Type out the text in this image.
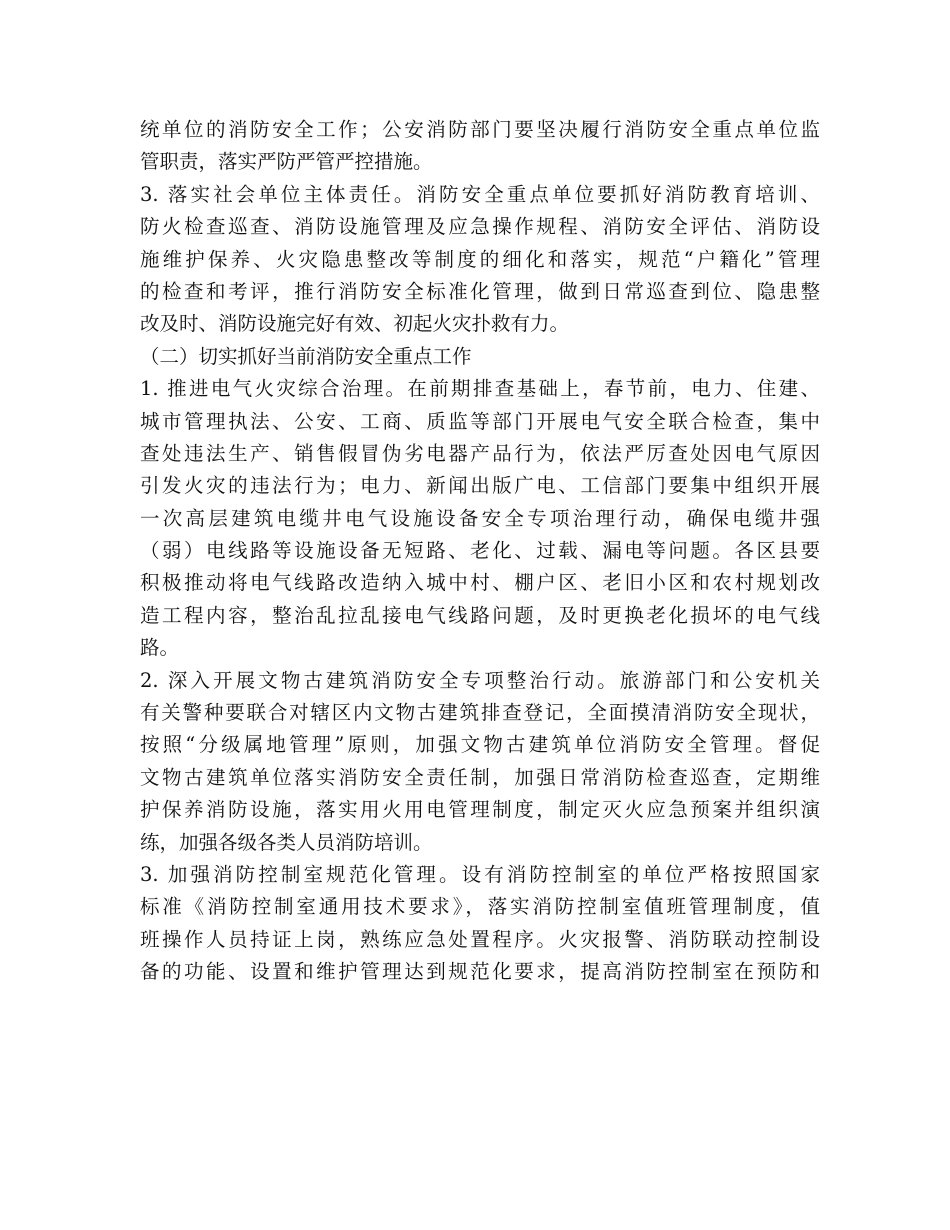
统单位的消防安全工作；公安消防部门要坚决履行消防安全重点单位监
管职责，落实严防严管严控措施。
3. 落实社会单位主体责任。消防安全重点单位要抓好消防教育培训、
防火检查巡查、消防设施管理及应急操作规程、消防安全评估、消防设
施维护保养、火灾隐患整改等制度的细化和落实，规范“户籍化”管理
的检查和考评，推行消防安全标准化管理，做到日常巡查到位、隐患整
改及时、消防设施完好有效、初起火灾扑救有力。
（二）切实抓好当前消防安全重点工作
1. 推进电气火灾综合治理。在前期排查基础上，春节前，电力、住建、
城市管理执法、公安、工商、质监等部门开展电气安全联合检查，集中
查处违法生产、销售假冒伪劣电器产品行为，依法严厉查处因电气原因
引发火灾的违法行为；电力、新闻出版广电、工信部门要集中组织开展
一次高层建筑电缆井电气设施设备安全专项治理行动，确保电缆井强
（弱）电线路等设施设备无短路、老化、过载、漏电等问题。各区县要
积极推动将电气线路改造纳入城中村、棚户区、老旧小区和农村规划改
造工程内容，整治乱拉乱接电气线路问题，及时更换老化损坏的电气线
路。
2. 深入开展文物古建筑消防安全专项整治行动。旅游部门和公安机关
有关警种要联合对辖区内文物古建筑排查登记，全面摸清消防安全现状，
按照“分级属地管理”原则，加强文物古建筑单位消防安全管理。督促
文物古建筑单位落实消防安全责任制，加强日常消防检查巡查，定期维
护保养消防设施，落实用火用电管理制度，制定灭火应急预案并组织演
练，加强各级各类人员消防培训。
3. 加强消防控制室规范化管理。设有消防控制室的单位严格按照国家
标准《消防控制室通用技术要求》，落实消防控制室值班管理制度，值
班操作人员持证上岗，熟练应急处置程序。火灾报警、消防联动控制设
备的功能、设置和维护管理达到规范化要求，提高消防控制室在预防和
